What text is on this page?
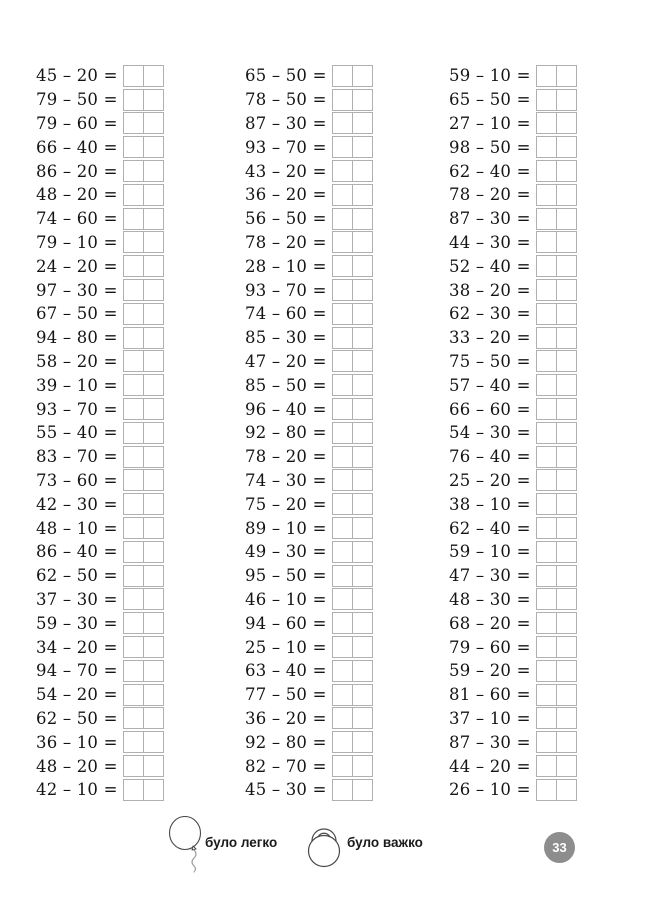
45 – 20 =
79 – 50 =
79 – 60 =
66 – 40 =
86 – 20 =
48 – 20 =
74 – 60 =
79 – 10 =
24 – 20 =
97 – 30 =
67 – 50 =
94 – 80 =
58 – 20 =
39 – 10 =
93 – 70 =
55 – 40 =
83 – 70 =
73 – 60 =
42 – 30 =
48 – 10 =
86 – 40 =
62 – 50 =
37 – 30 =
59 – 30 =
34 – 20 =
94 – 70 =
54 – 20 =
62 – 50 =
36 – 10 =
48 – 20 =
42 – 10 =
65 – 50 =
78 – 50 =
87 – 30 =
93 – 70 =
43 – 20 =
36 – 20 =
56 – 50 =
78 – 20 =
28 – 10 =
93 – 70 =
74 – 60 =
85 – 30 =
47 – 20 =
85 – 50 =
96 – 40 =
92 – 80 =
78 – 20 =
74 – 30 =
75 – 20 =
89 – 10 =
49 – 30 =
95 – 50 =
46 – 10 =
94 – 60 =
25 – 10 =
63 – 40 =
77 – 50 =
36 – 20 =
92 – 80 =
82 – 70 =
45 – 30 =
59 – 10 =
65 – 50 =
27 – 10 =
98 – 50 =
62 – 40 =
78 – 20 =
87 – 30 =
44 – 30 =
52 – 40 =
38 – 20 =
62 – 30 =
33 – 20 =
75 – 50 =
57 – 40 =
66 – 60 =
54 – 30 =
76 – 40 =
25 – 20 =
38 – 10 =
62 – 40 =
59 – 10 =
47 – 30 =
48 – 30 =
68 – 20 =
79 – 60 =
59 – 20 =
81 – 60 =
37 – 10 =
87 – 30 =
44 – 20 =
26 – 10 =
було легко	було важко	33
